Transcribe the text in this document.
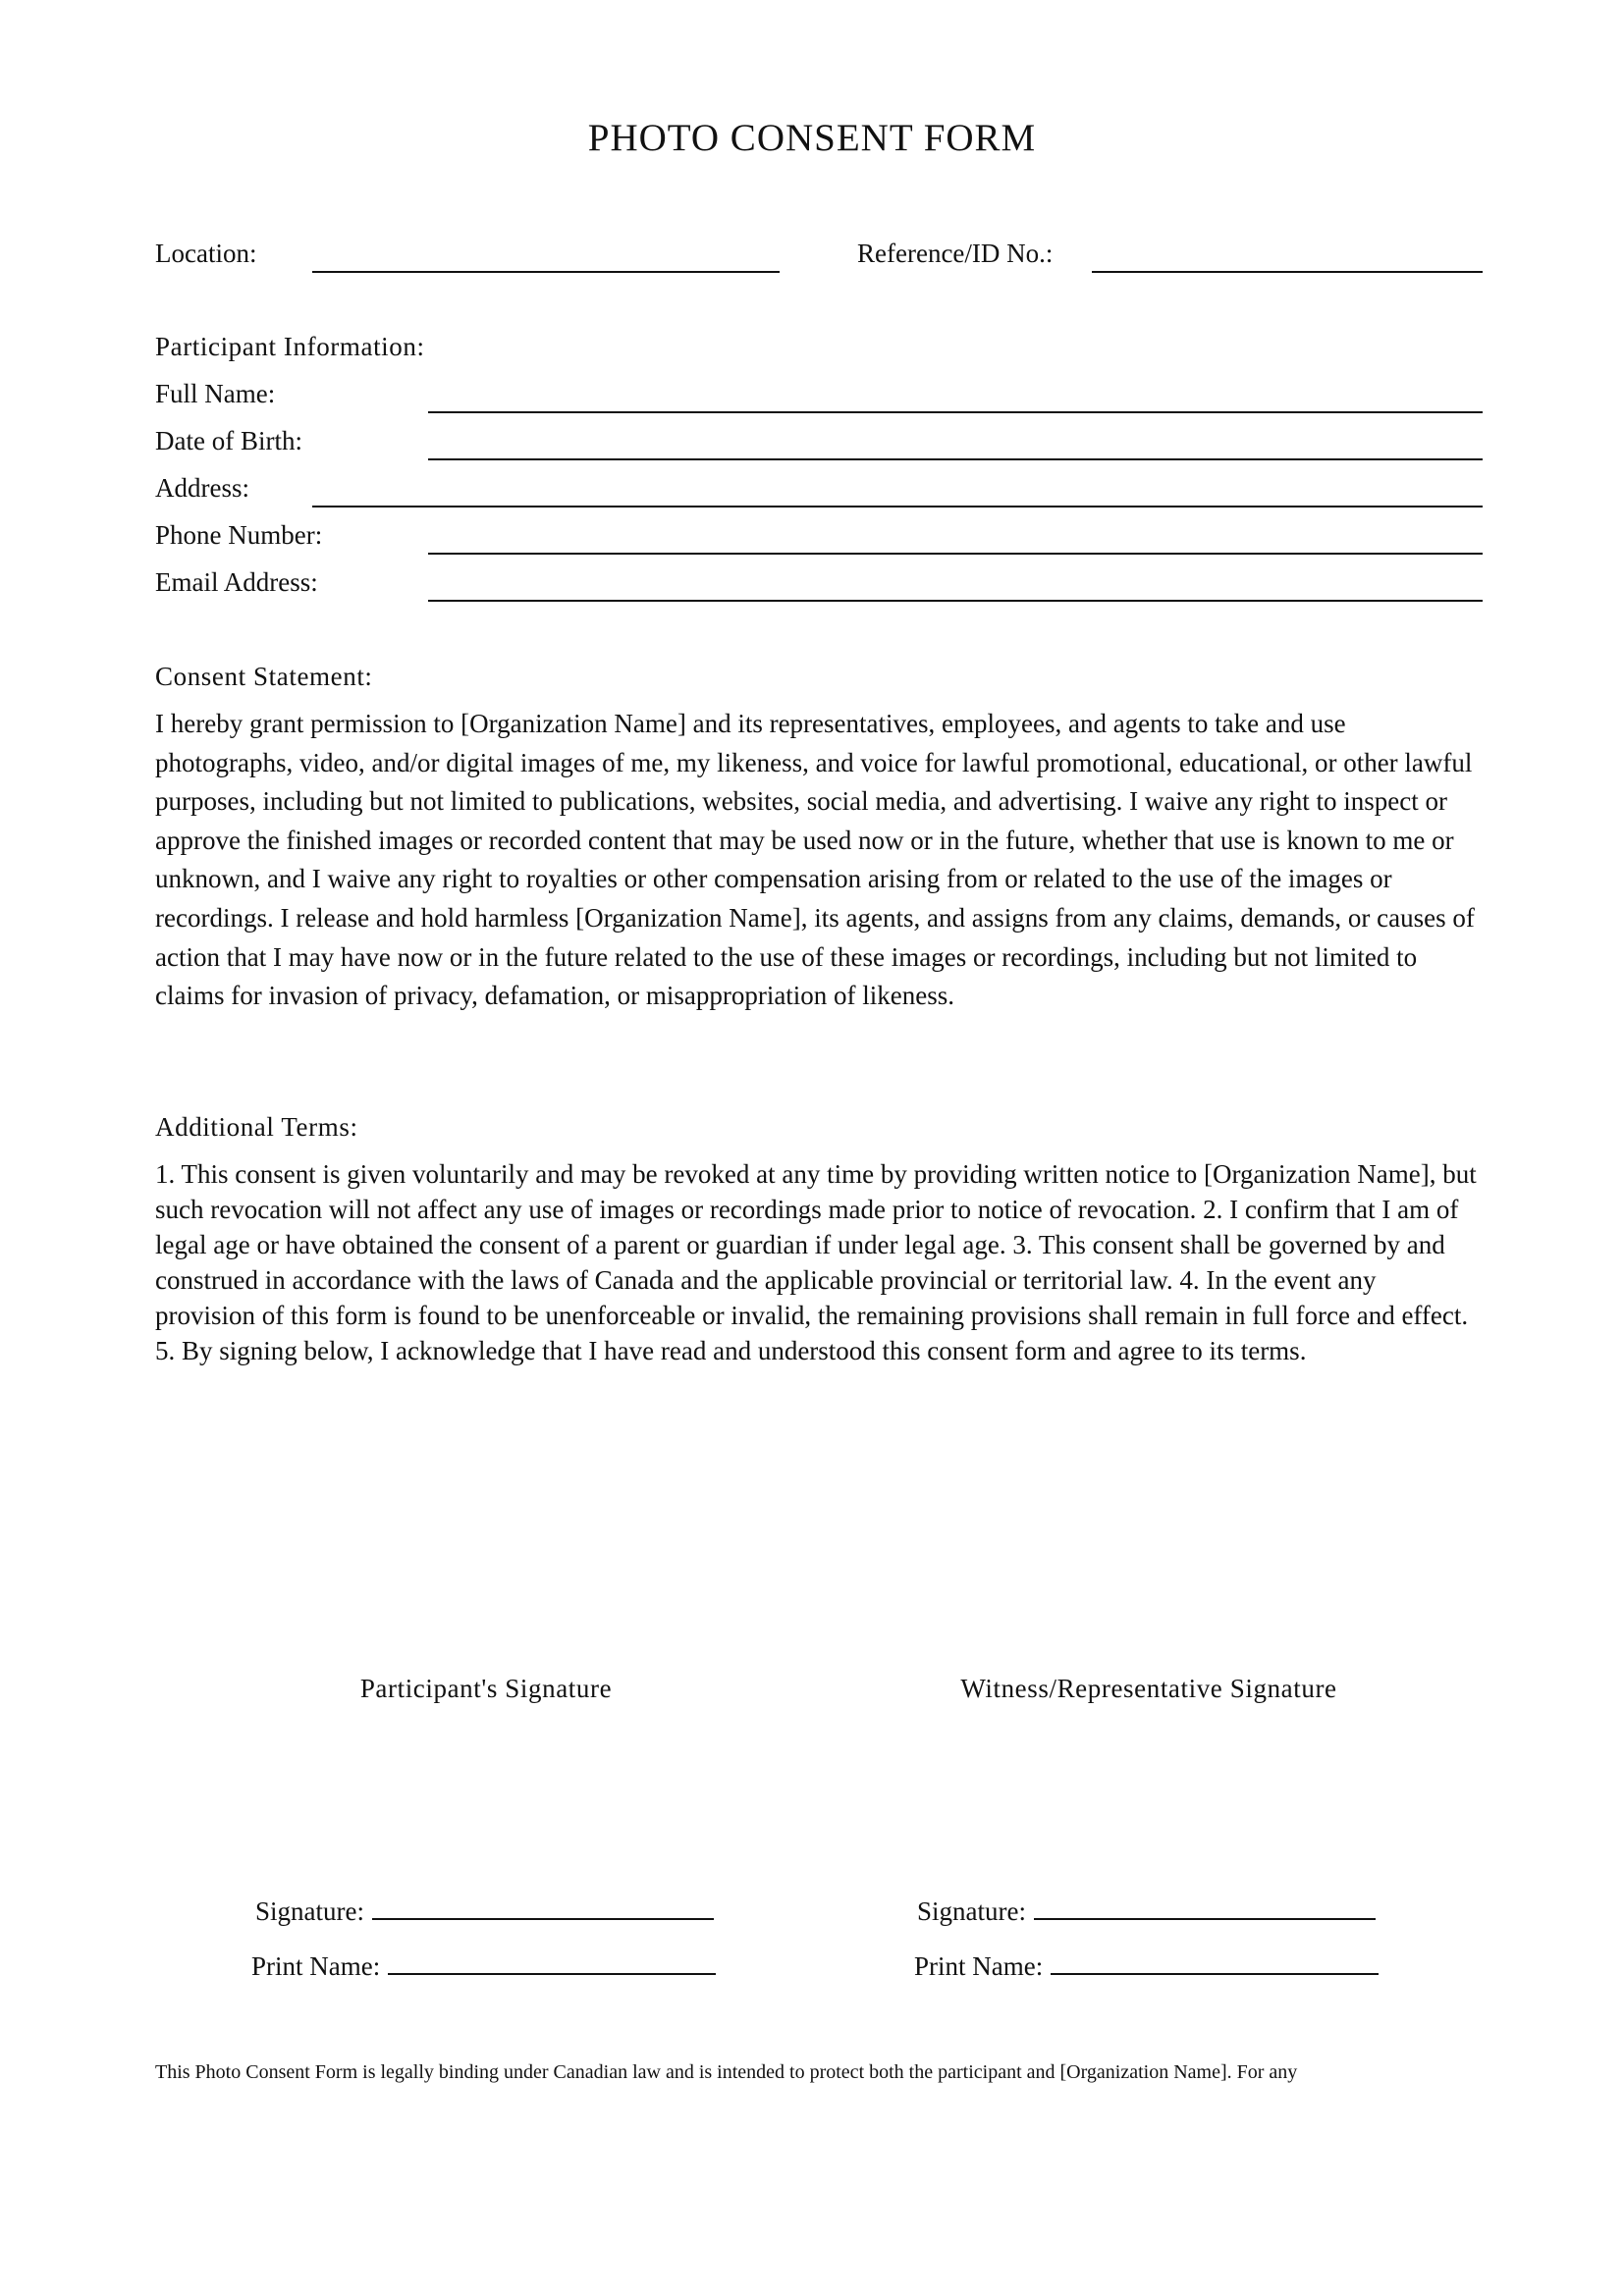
PHOTO CONSENT FORM
Location:	Reference/ID No.:
Participant Information:
Full Name:
Date of Birth:
Address:
Phone Number:
Email Address:
Consent Statement:
I hereby grant permission to [Organization Name] and its representatives, employees, and agents to take and use photographs, video, and/or digital images of me, my likeness, and voice for lawful promotional, educational, or other lawful purposes, including but not limited to publications, websites, social media, and advertising. I waive any right to inspect or approve the finished images or recorded content that may be used now or in the future, whether that use is known to me or unknown, and I waive any right to royalties or other compensation arising from or related to the use of the images or recordings. I release and hold harmless [Organization Name], its agents, and assigns from any claims, demands, or causes of action that I may have now or in the future related to the use of these images or recordings, including but not limited to claims for invasion of privacy, defamation, or misappropriation of likeness.
Additional Terms:
1. This consent is given voluntarily and may be revoked at any time by providing written notice to [Organization Name], but such revocation will not affect any use of images or recordings made prior to notice of revocation. 2. I confirm that I am of legal age or have obtained the consent of a parent or guardian if under legal age. 3. This consent shall be governed by and construed in accordance with the laws of Canada and the applicable provincial or territorial law. 4. In the event any provision of this form is found to be unenforceable or invalid, the remaining provisions shall remain in full force and effect. 5. By signing below, I acknowledge that I have read and understood this consent form and agree to its terms.
Participant's Signature	Witness/Representative Signature
Signature:
Print Name:
Signature:
Print Name:
This Photo Consent Form is legally binding under Canadian law and is intended to protect both the participant and [Organization Name]. For any
